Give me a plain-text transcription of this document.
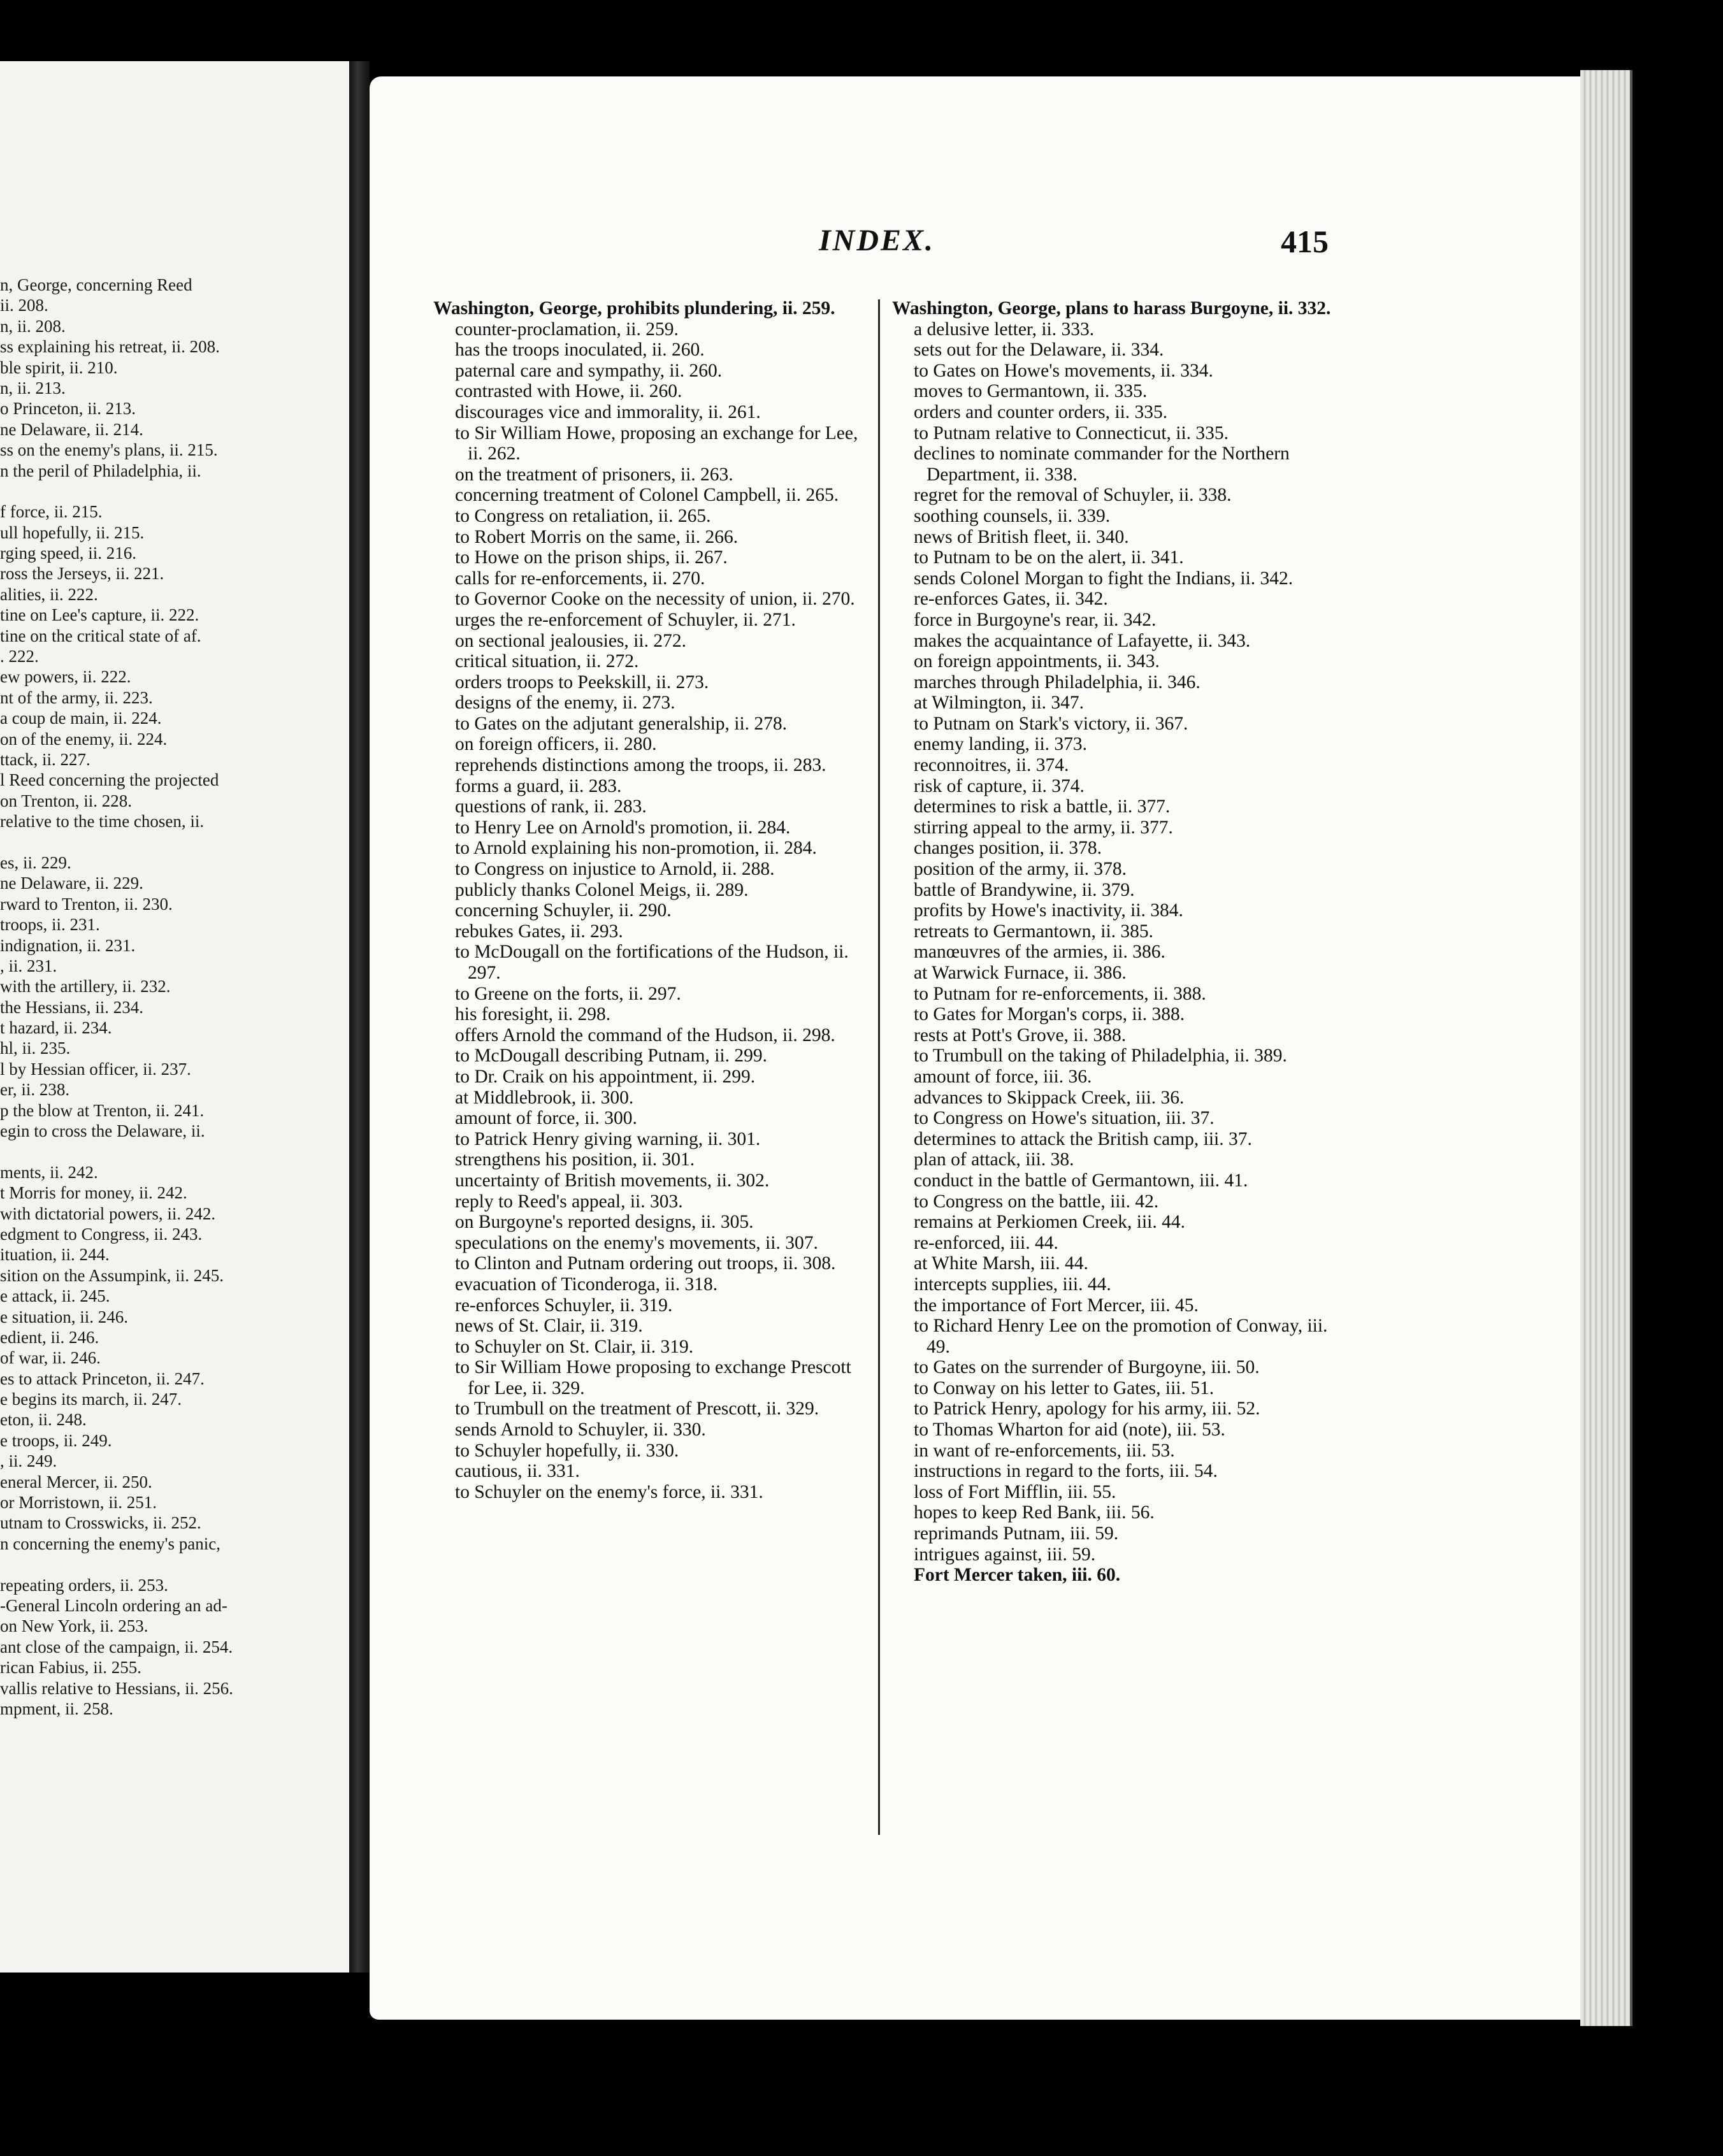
n, George, concerning Reed
ii. 208.
n, ii. 208.
ss explaining his retreat, ii. 208.
ble spirit, ii. 210.
n, ii. 213.
o Princeton, ii. 213.
ne Delaware, ii. 214.
ss on the enemy's plans, ii. 215.
n the peril of Philadelphia, ii.
f force, ii. 215.
ull hopefully, ii. 215.
rging speed, ii. 216.
ross the Jerseys, ii. 221.
alities, ii. 222.
tine on Lee's capture, ii. 222.
tine on the critical state of af.
. 222.
ew powers, ii. 222.
nt of the army, ii. 223.
a coup de main, ii. 224.
on of the enemy, ii. 224.
ttack, ii. 227.
l Reed concerning the projected
on Trenton, ii. 228.
relative to the time chosen, ii.
es, ii. 229.
ne Delaware, ii. 229.
rward to Trenton, ii. 230.
troops, ii. 231.
indignation, ii. 231.
, ii. 231.
with the artillery, ii. 232.
the Hessians, ii. 234.
t hazard, ii. 234.
hl, ii. 235.
l by Hessian officer, ii. 237.
er, ii. 238.
p the blow at Trenton, ii. 241.
egin to cross the Delaware, ii.
ments, ii. 242.
t Morris for money, ii. 242.
with dictatorial powers, ii. 242.
edgment to Congress, ii. 243.
ituation, ii. 244.
sition on the Assumpink, ii. 245.
e attack, ii. 245.
e situation, ii. 246.
edient, ii. 246.
of war, ii. 246.
es to attack Princeton, ii. 247.
e begins its march, ii. 247.
eton, ii. 248.
e troops, ii. 249.
, ii. 249.
eneral Mercer, ii. 250.
or Morristown, ii. 251.
utnam to Crosswicks, ii. 252.
n concerning the enemy's panic,
repeating orders, ii. 253.
-General Lincoln ordering an ad-
on New York, ii. 253.
ant close of the campaign, ii. 254.
rican Fabius, ii. 255.
vallis relative to Hessians, ii. 256.
mpment, ii. 258.
INDEX.	415
Washington, George, prohibits plundering, ii. 259.
counter-proclamation, ii. 259.
has the troops inoculated, ii. 260.
paternal care and sympathy, ii. 260.
contrasted with Howe, ii. 260.
discourages vice and immorality, ii. 261.
to Sir William Howe, proposing an exchange for Lee, ii. 262.
on the treatment of prisoners, ii. 263.
concerning treatment of Colonel Campbell, ii. 265.
to Congress on retaliation, ii. 265.
to Robert Morris on the same, ii. 266.
to Howe on the prison ships, ii. 267.
calls for re-enforcements, ii. 270.
to Governor Cooke on the necessity of union, ii. 270.
urges the re-enforcement of Schuyler, ii. 271.
on sectional jealousies, ii. 272.
critical situation, ii. 272.
orders troops to Peekskill, ii. 273.
designs of the enemy, ii. 273.
to Gates on the adjutant generalship, ii. 278.
on foreign officers, ii. 280.
reprehends distinctions among the troops, ii. 283.
forms a guard, ii. 283.
questions of rank, ii. 283.
to Henry Lee on Arnold's promotion, ii. 284.
to Arnold explaining his non-promotion, ii. 284.
to Congress on injustice to Arnold, ii. 288.
publicly thanks Colonel Meigs, ii. 289.
concerning Schuyler, ii. 290.
rebukes Gates, ii. 293.
to McDougall on the fortifications of the Hudson, ii. 297.
to Greene on the forts, ii. 297.
his foresight, ii. 298.
offers Arnold the command of the Hudson, ii. 298.
to McDougall describing Putnam, ii. 299.
to Dr. Craik on his appointment, ii. 299.
at Middlebrook, ii. 300.
amount of force, ii. 300.
to Patrick Henry giving warning, ii. 301.
strengthens his position, ii. 301.
uncertainty of British movements, ii. 302.
reply to Reed's appeal, ii. 303.
on Burgoyne's reported designs, ii. 305.
speculations on the enemy's movements, ii. 307.
to Clinton and Putnam ordering out troops, ii. 308.
evacuation of Ticonderoga, ii. 318.
re-enforces Schuyler, ii. 319.
news of St. Clair, ii. 319.
to Schuyler on St. Clair, ii. 319.
to Sir William Howe proposing to exchange Prescott for Lee, ii. 329.
to Trumbull on the treatment of Prescott, ii. 329.
sends Arnold to Schuyler, ii. 330.
to Schuyler hopefully, ii. 330.
cautious, ii. 331.
to Schuyler on the enemy's force, ii. 331.
Washington, George, plans to harass Burgoyne, ii. 332.
a delusive letter, ii. 333.
sets out for the Delaware, ii. 334.
to Gates on Howe's movements, ii. 334.
moves to Germantown, ii. 335.
orders and counter orders, ii. 335.
to Putnam relative to Connecticut, ii. 335.
declines to nominate commander for the Northern Department, ii. 338.
regret for the removal of Schuyler, ii. 338.
soothing counsels, ii. 339.
news of British fleet, ii. 340.
to Putnam to be on the alert, ii. 341.
sends Colonel Morgan to fight the Indians, ii. 342.
re-enforces Gates, ii. 342.
force in Burgoyne's rear, ii. 342.
makes the acquaintance of Lafayette, ii. 343.
on foreign appointments, ii. 343.
marches through Philadelphia, ii. 346.
at Wilmington, ii. 347.
to Putnam on Stark's victory, ii. 367.
enemy landing, ii. 373.
reconnoitres, ii. 374.
risk of capture, ii. 374.
determines to risk a battle, ii. 377.
stirring appeal to the army, ii. 377.
changes position, ii. 378.
position of the army, ii. 378.
battle of Brandywine, ii. 379.
profits by Howe's inactivity, ii. 384.
retreats to Germantown, ii. 385.
manœuvres of the armies, ii. 386.
at Warwick Furnace, ii. 386.
to Putnam for re-enforcements, ii. 388.
to Gates for Morgan's corps, ii. 388.
rests at Pott's Grove, ii. 388.
to Trumbull on the taking of Philadelphia, ii. 389.
amount of force, iii. 36.
advances to Skippack Creek, iii. 36.
to Congress on Howe's situation, iii. 37.
determines to attack the British camp, iii. 37.
plan of attack, iii. 38.
conduct in the battle of Germantown, iii. 41.
to Congress on the battle, iii. 42.
remains at Perkiomen Creek, iii. 44.
re-enforced, iii. 44.
at White Marsh, iii. 44.
intercepts supplies, iii. 44.
the importance of Fort Mercer, iii. 45.
to Richard Henry Lee on the promotion of Conway, iii. 49.
to Gates on the surrender of Burgoyne, iii. 50.
to Conway on his letter to Gates, iii. 51.
to Patrick Henry, apology for his army, iii. 52.
to Thomas Wharton for aid (note), iii. 53.
in want of re-enforcements, iii. 53.
instructions in regard to the forts, iii. 54.
loss of Fort Mifflin, iii. 55.
hopes to keep Red Bank, iii. 56.
reprimands Putnam, iii. 59.
intrigues against, iii. 59.
Fort Mercer taken, iii. 60.
